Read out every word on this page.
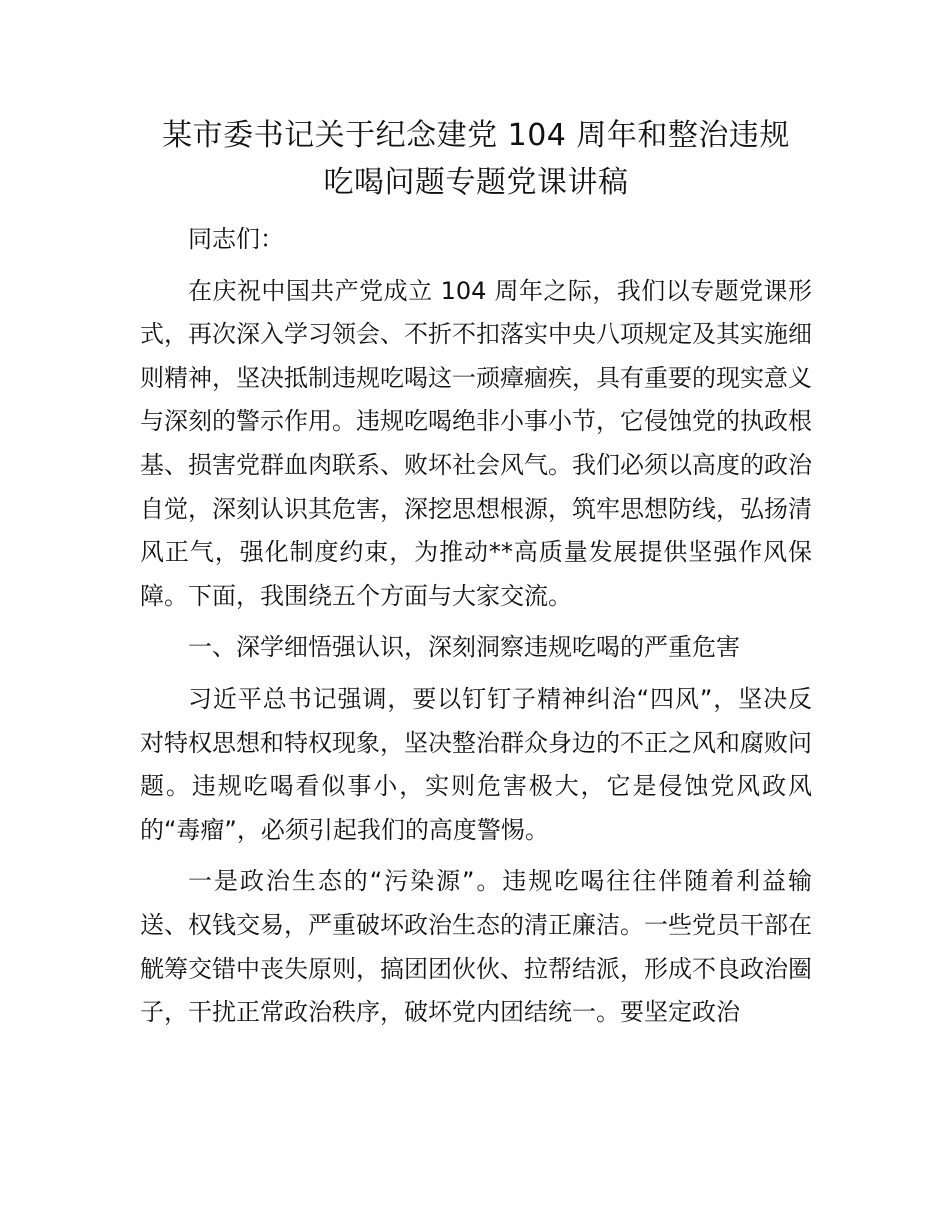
某市委书记关于纪念建党 104 周年和整治违规
吃喝问题专题党课讲稿

同志们：

在庆祝中国共产党成立 104 周年之际，我们以专题党课形式，再次深入学习领会、不折不扣落实中央八项规定及其实施细则精神，坚决抵制违规吃喝这一顽瘴痼疾，具有重要的现实意义与深刻的警示作用。违规吃喝绝非小事小节，它侵蚀党的执政根基、损害党群血肉联系、败坏社会风气。我们必须以高度的政治自觉，深刻认识其危害，深挖思想根源，筑牢思想防线，弘扬清风正气，强化制度约束，为推动**高质量发展提供坚强作风保障。下面，我围绕五个方面与大家交流。

一、深学细悟强认识，深刻洞察违规吃喝的严重危害

习近平总书记强调，要以钉钉子精神纠治“四风”，坚决反对特权思想和特权现象，坚决整治群众身边的不正之风和腐败问题。违规吃喝看似事小，实则危害极大，它是侵蚀党风政风的“毒瘤”，必须引起我们的高度警惕。

一是政治生态的“污染源”。违规吃喝往往伴随着利益输送、权钱交易，严重破坏政治生态的清正廉洁。一些党员干部在觥筹交错中丧失原则，搞团团伙伙、拉帮结派，形成不良政治圈子，干扰正常政治秩序，破坏党内团结统一。要坚定政治
